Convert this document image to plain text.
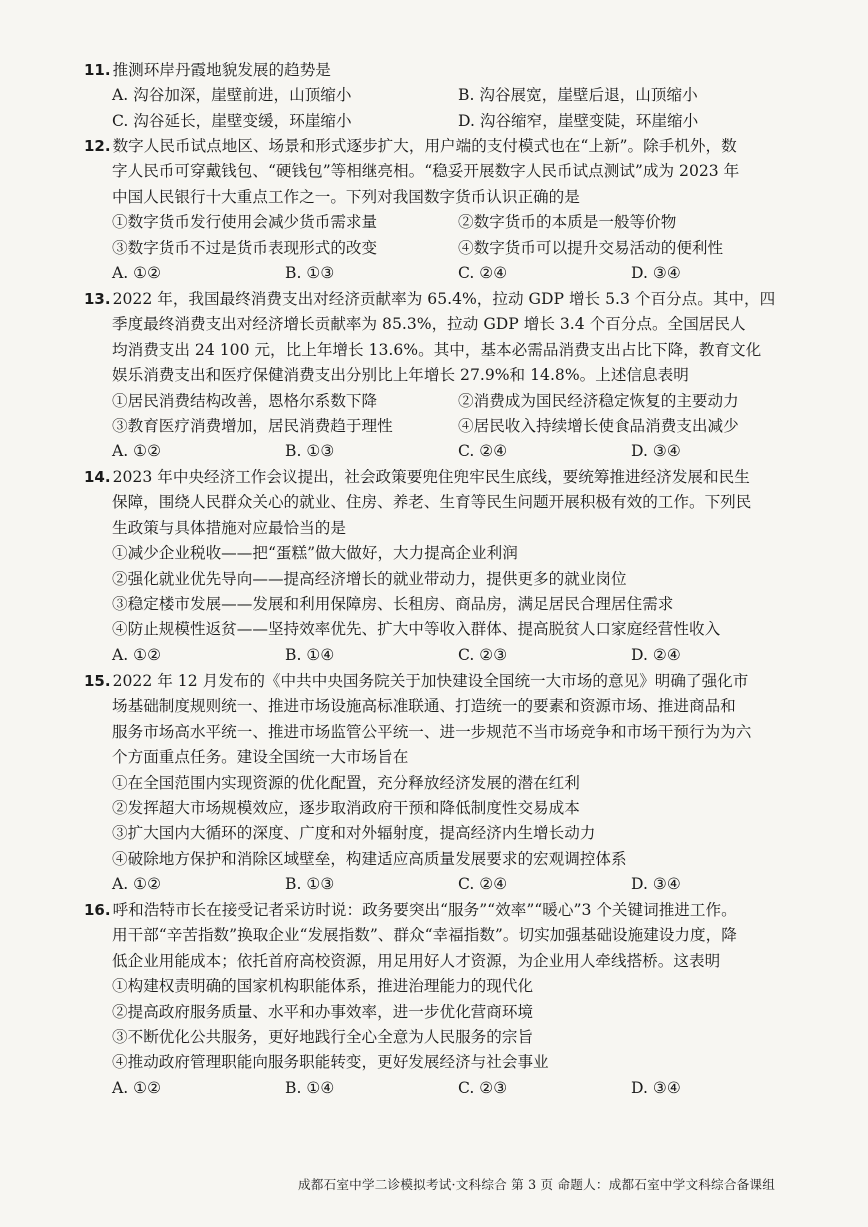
11. 推测环岸丹霞地貌发展的趋势是
A. 沟谷加深，崖壁前进，山顶缩小	B. 沟谷展宽，崖壁后退，山顶缩小
C. 沟谷延长，崖壁变缓，环崖缩小	D. 沟谷缩窄，崖壁变陡，环崖缩小
12. 数字人民币试点地区、场景和形式逐步扩大，用户端的支付模式也在“上新”。除手机外，数
字人民币可穿戴钱包、“硬钱包”等相继亮相。“稳妥开展数字人民币试点测试”成为 2023 年
中国人民银行十大重点工作之一。下列对我国数字货币认识正确的是
①数字货币发行使用会减少货币需求量	②数字货币的本质是一般等价物
③数字货币不过是货币表现形式的改变	④数字货币可以提升交易活动的便利性
A. ①②	B. ①③	C. ②④	D. ③④
13. 2022 年，我国最终消费支出对经济贡献率为 65.4%，拉动 GDP 增长 5.3 个百分点。其中，四
季度最终消费支出对经济增长贡献率为 85.3%，拉动 GDP 增长 3.4 个百分点。全国居民人
均消费支出 24 100 元，比上年增长 13.6%。其中，基本必需品消费支出占比下降，教育文化
娱乐消费支出和医疗保健消费支出分别比上年增长 27.9%和 14.8%。上述信息表明
①居民消费结构改善，恩格尔系数下降	②消费成为国民经济稳定恢复的主要动力
③教育医疗消费增加，居民消费趋于理性	④居民收入持续增长使食品消费支出减少
A. ①②	B. ①③	C. ②④	D. ③④
14. 2023 年中央经济工作会议提出，社会政策要兜住兜牢民生底线，要统筹推进经济发展和民生
保障，围绕人民群众关心的就业、住房、养老、生育等民生问题开展积极有效的工作。下列民
生政策与具体措施对应最恰当的是
①减少企业税收——把“蛋糕”做大做好，大力提高企业利润
②强化就业优先导向——提高经济增长的就业带动力，提供更多的就业岗位
③稳定楼市发展——发展和利用保障房、长租房、商品房，满足居民合理居住需求
④防止规模性返贫——坚持效率优先、扩大中等收入群体、提高脱贫人口家庭经营性收入
A. ①②	B. ①④	C. ②③	D. ②④
15. 2022 年 12 月发布的《中共中央国务院关于加快建设全国统一大市场的意见》明确了强化市
场基础制度规则统一、推进市场设施高标准联通、打造统一的要素和资源市场、推进商品和
服务市场高水平统一、推进市场监管公平统一、进一步规范不当市场竞争和市场干预行为为六
个方面重点任务。建设全国统一大市场旨在
①在全国范围内实现资源的优化配置，充分释放经济发展的潜在红利
②发挥超大市场规模效应，逐步取消政府干预和降低制度性交易成本
③扩大国内大循环的深度、广度和对外辐射度，提高经济内生增长动力
④破除地方保护和消除区域壁垒，构建适应高质量发展要求的宏观调控体系
A. ①②	B. ①③	C. ②④	D. ③④
16. 呼和浩特市长在接受记者采访时说：政务要突出“服务”“效率”“暖心”3 个关键词推进工作。
用干部“辛苦指数”换取企业“发展指数”、群众“幸福指数”。切实加强基础设施建设力度，降
低企业用能成本；依托首府高校资源，用足用好人才资源，为企业用人牵线搭桥。这表明
①构建权责明确的国家机构职能体系，推进治理能力的现代化
②提高政府服务质量、水平和办事效率，进一步优化营商环境
③不断优化公共服务，更好地践行全心全意为人民服务的宗旨
④推动政府管理职能向服务职能转变，更好发展经济与社会事业
A. ①②	B. ①④	C. ②③	D. ③④
成都石室中学二诊模拟考试·文科综合 第 3 页 命题人：成都石室中学文科综合备课组
